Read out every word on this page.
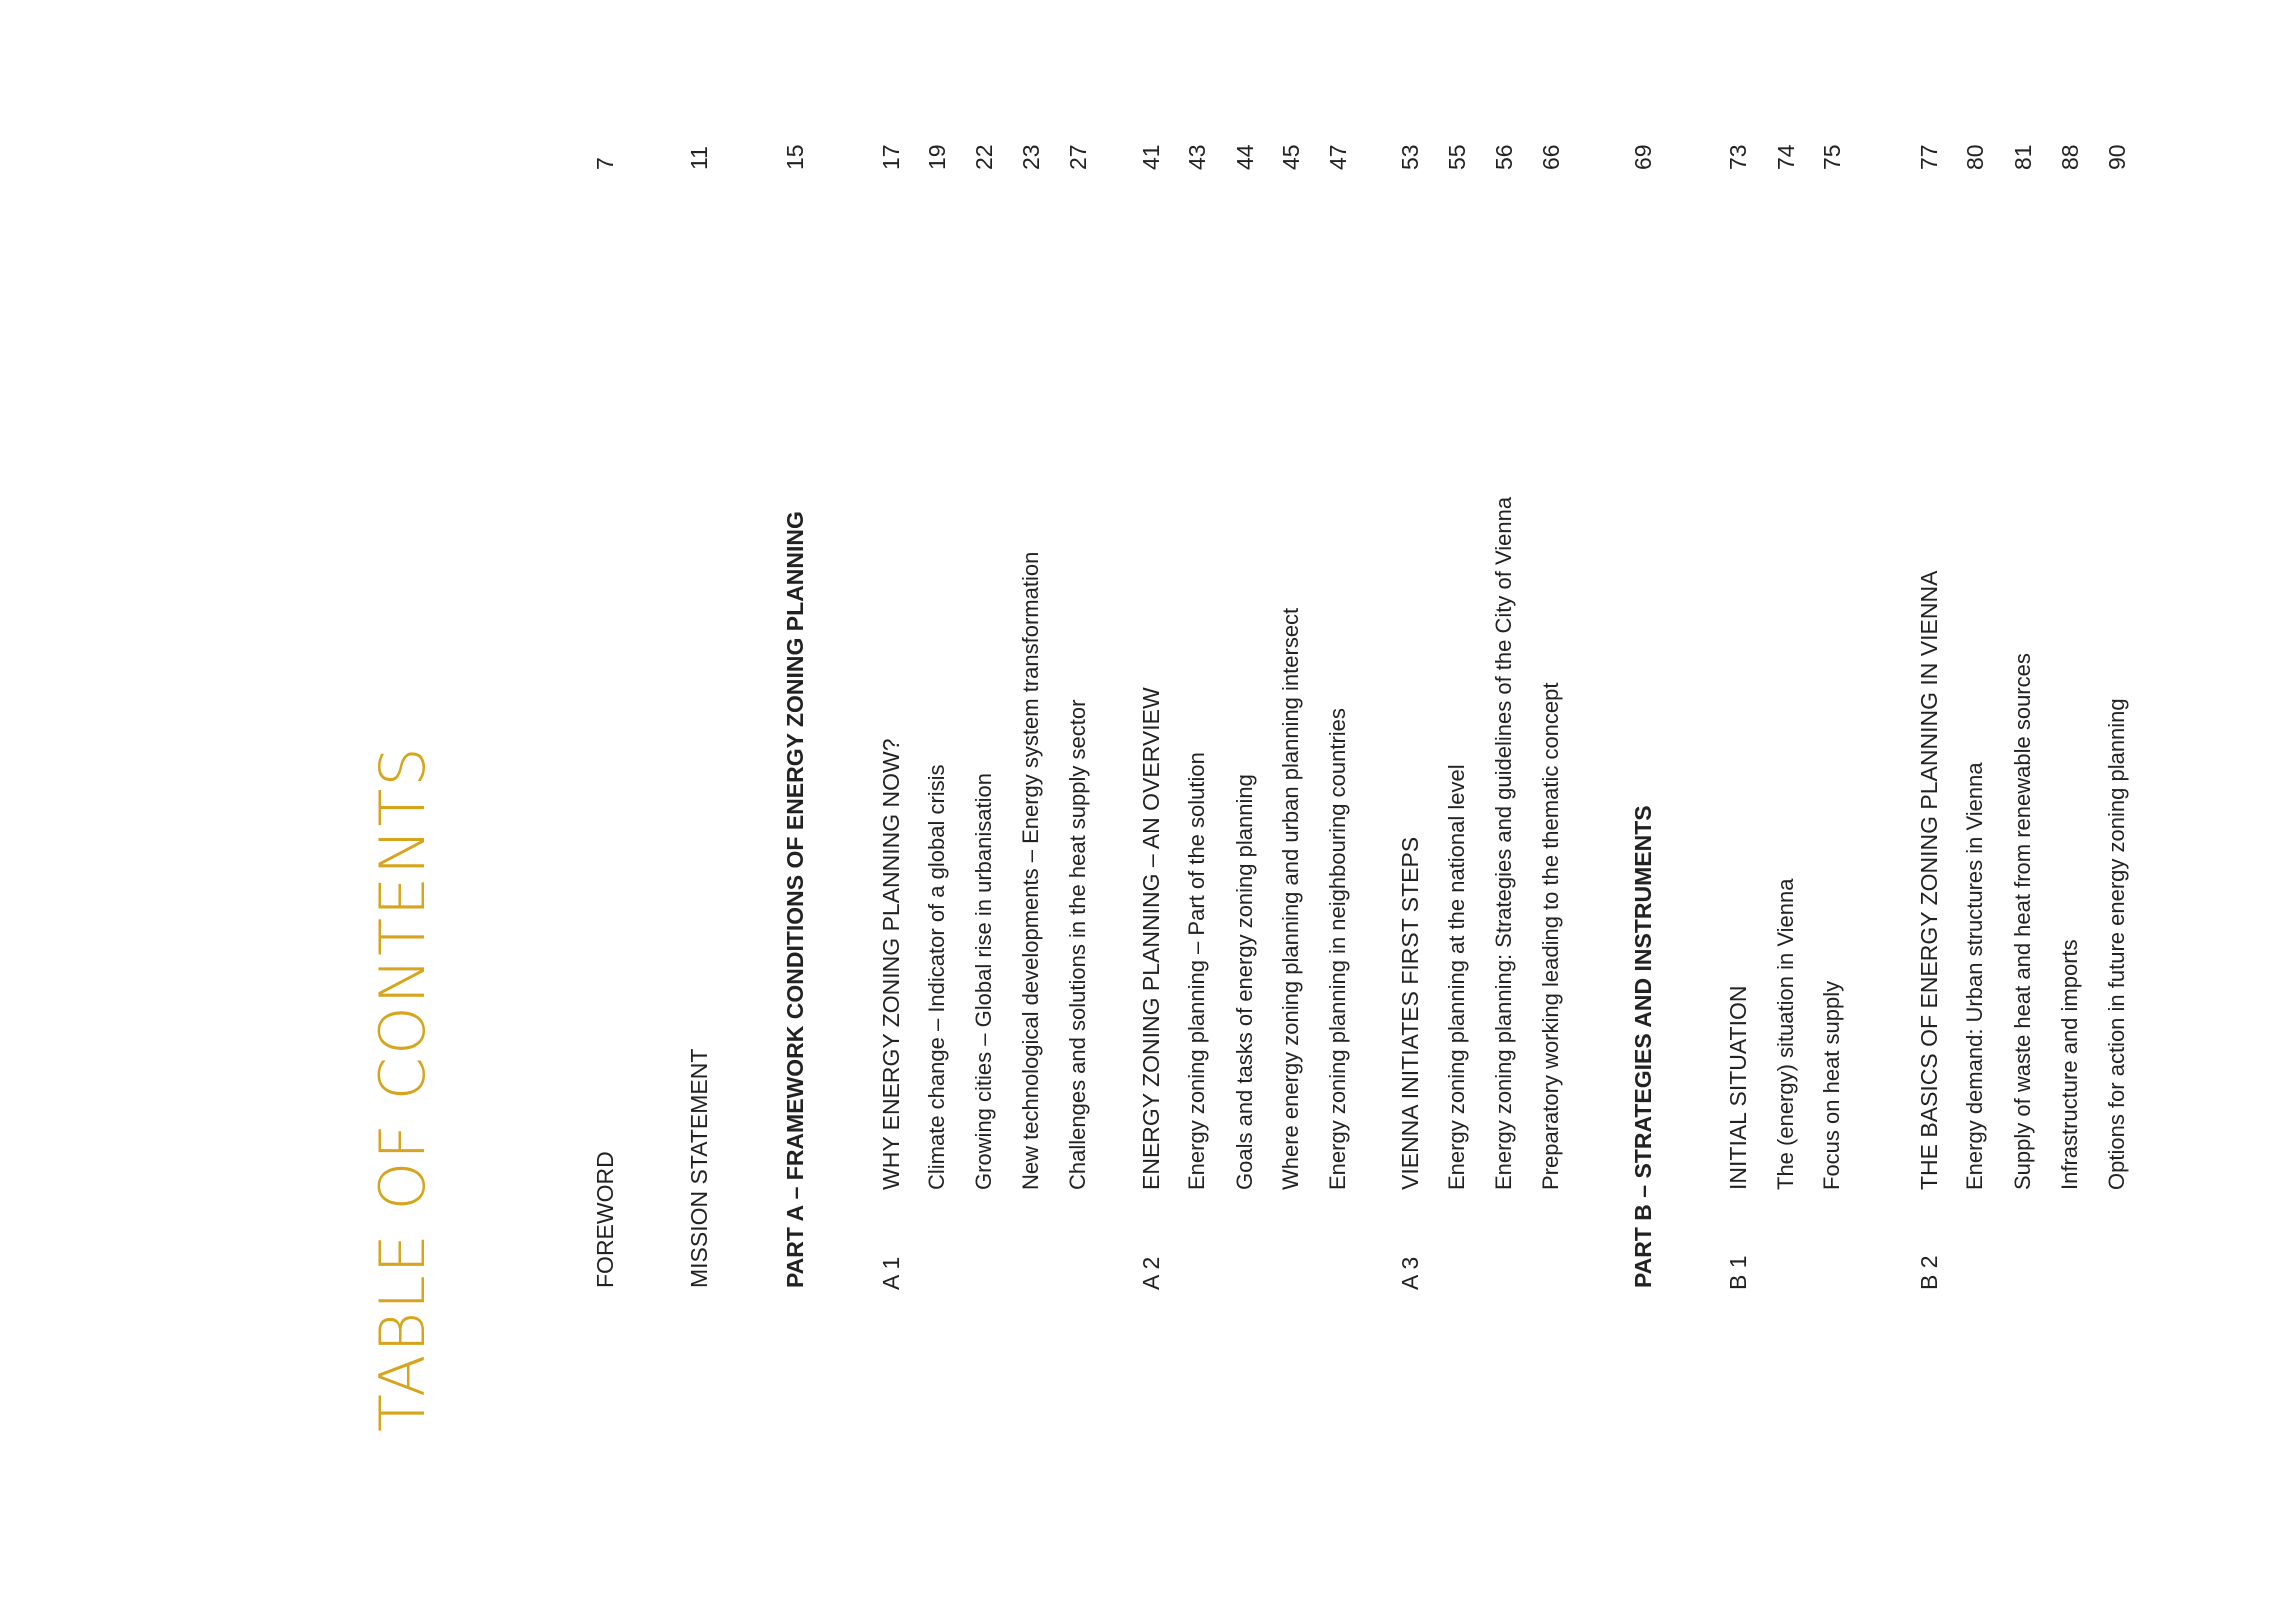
TABLE OF CONTENTS	FOREWORD
7
MISSION STATEMENT
11
PART A – FRAMEWORK CONDITIONS OF ENERGY ZONING PLANNING
15
A 1
WHY ENERGY ZONING PLANNING NOW?
17
Climate change – Indicator of a global crisis
19
Growing cities – Global rise in urbanisation
22
New technological developments – Energy system transformation
23
Challenges and solutions in the heat supply sector
27
A 2
ENERGY ZONING PLANNING – AN OVERVIEW
41
Energy zoning planning – Part of the solution
43
Goals and tasks of energy zoning planning
44
Where energy zoning planning and urban planning intersect
45
Energy zoning planning in neighbouring countries
47
A 3
VIENNA INITIATES FIRST STEPS
53
Energy zoning planning at the national level
55
Energy zoning planning: Strategies and guidelines of the City of Vienna
56
Preparatory working leading to the thematic concept
66
PART B – STRATEGIES AND INSTRUMENTS
69
B 1
INITIAL SITUATION
73
The (energy) situation in Vienna
74
Focus on heat supply
75
B 2
THE BASICS OF ENERGY ZONING PLANNING IN VIENNA
77
Energy demand: Urban structures in Vienna
80
Supply of waste heat and heat from renewable sources
81
Infrastructure and imports
88
Options for action in future energy zoning planning
90
